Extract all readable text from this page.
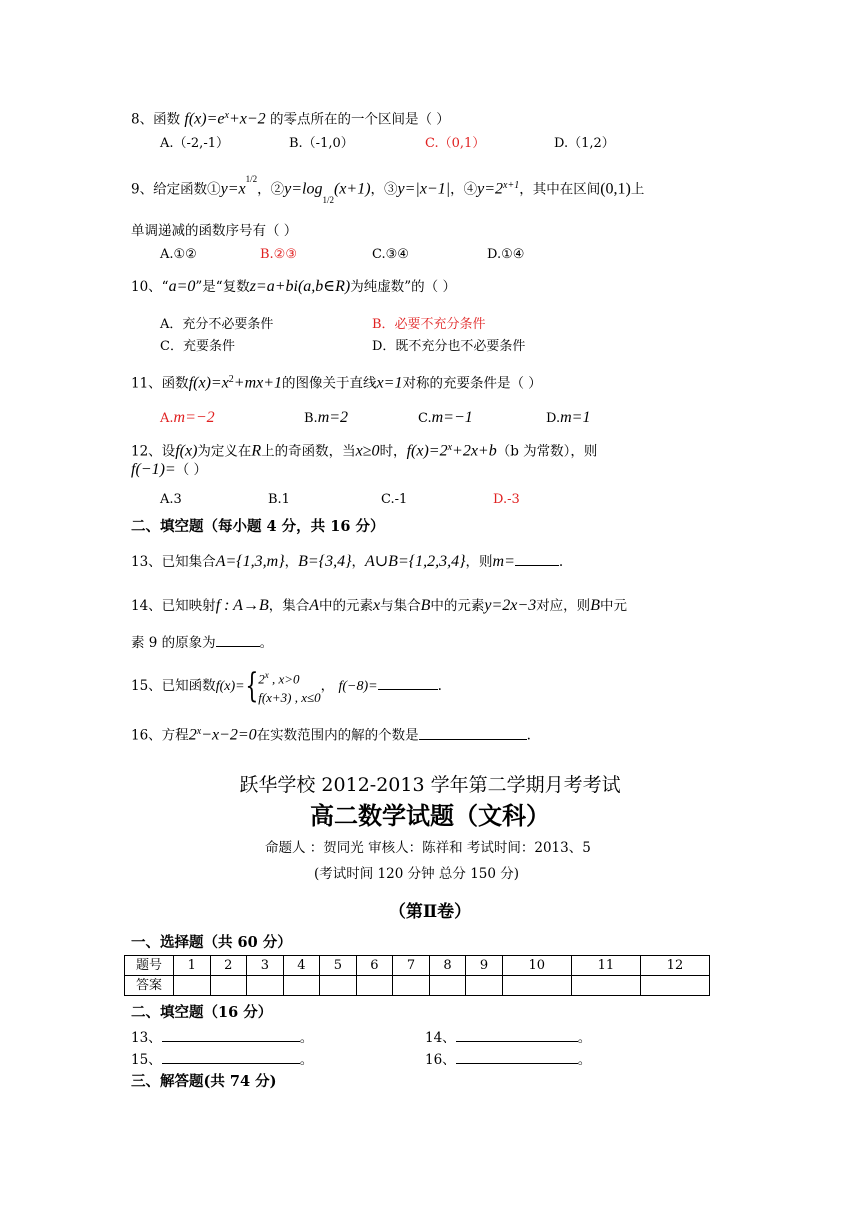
8、函数 $f(x)=e^x+x-2$ 的零点所在的一个区间是（ ）
A.（-2,-1）	B.（-1,0）	C.（0,1）	D.（1,2）
9、给定函数$①y=x^{1/2}$，$②y=\log_{1/2}(x+1)$，③y=|x−1|，$④y=2^{x+1}$，其中在区间(0,1)上
单调递减的函数序号有（ ）
A.①②	B.②③	C.③④	D.①④
10、“a=0”是“复数z=a+bi(a,b∈R)为纯虚数”的（ ）
A．充分不必要条件	B．必要不充分条件
C．充要条件	D．既不充分也不必要条件
11、函数$f(x)=x^2+mx+1$的图像关于直线x=1对称的充要条件是（ ）
A.m=−2	B.m=2	C.m=−1	D.m=1
12、设f(x)为定义在R上的奇函数，当x≥0时，$f(x)=2^x+2x+b(b$ 为常数），则
f(−1)=（ ）
A.3	B.1	C.-1	D.-3
二、填空题（每小题 4 分，共 16 分）
13、已知集合A={1,3,m}，B={3,4}，A∪B={1,2,3,4}，则m=	.
14、已知映射f : A→B，集合A中的元素x与集合B中的元素y=2x−3对应，则B中元
素 9 的原象为	。
15、已知函数$f(x)=\{2^x$ , x>0
f(x+3) , x≤0， f(−8)=	.
16、方程$2^x-x-2=0$在实数范围内的解的个数是	.
跃华学校 2012-2013 学年第二学期月考考试
高二数学试题（文科）
命题人 ：贺同光 审核人：陈祥和 考试时间：2013、5
(考试时间 120 分钟 总分 150 分)
（第Ⅱ卷）
一、选择题（共 60 分）
题号	1	2	3	4	5	6	7	8	9	10	11	12
答案												
二、填空题（16 分）
13、	。	14、	。
15、	。	16、	。
三、解答题(共 74 分)
